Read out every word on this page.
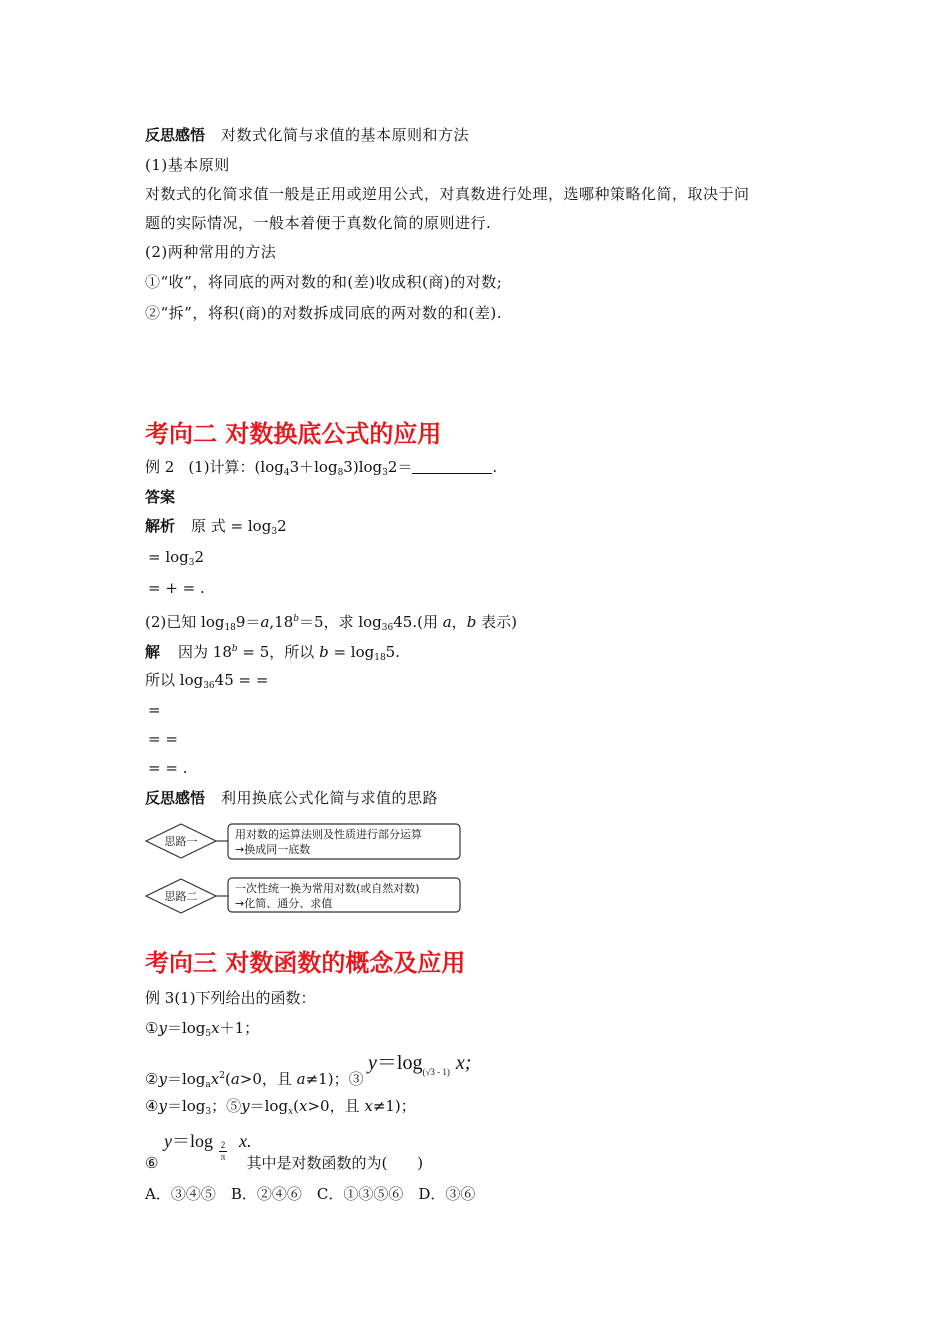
反思感悟 对数式化简与求值的基本原则和方法
(1)基本原则
对数式的化简求值一般是正用或逆用公式，对真数进行处理，选哪种策略化简，取决于问
题的实际情况，一般本着便于真数化简的原则进行.
(2)两种常用的方法
①“收”，将同底的两对数的和(差)收成积(商)的对数;
②“拆”，将积(商)的对数拆成同底的两对数的和(差).
考向二 对数换底公式的应用
例 2 (1)计算：$(\log_43+\log_83)\log_32=$	.
答案
解析 原 式 = $\log_32$
= $\log_32$
= + = .
(2)已知 $\log_{18}9=a,18^b=5$，求 $\log_{36}45$.(用 a，b 表示)
解 因为 $18^b = 5$，所以 $b = \log_{18}5$.
所以 $\log_{36}45$ = =
=
= =
= = .
反思感悟 利用换底公式化简与求值的思路
思路一
用对数的运算法则及性质进行部分运算
→换成同一底数
思路二
一次性统一换为常用对数(或自然对数)
→化简、通分、求值
考向三 对数函数的概念及应用
例 3(1)下列给出的函数：
$①y=\log_5x+1$；
$②y=\log_ax^2(a>0$，且 a≠1)；③
$y=\log_{(√3 - 1)}$ x;
$④y=\log_3$；$⑤y=\log_x(x>0$，且 x≠1)；
y＝log x.
2
π
⑥	其中是对数函数的为(　　)
A．③④⑤　B．②④⑥　C．①③⑤⑥　D．③⑥
